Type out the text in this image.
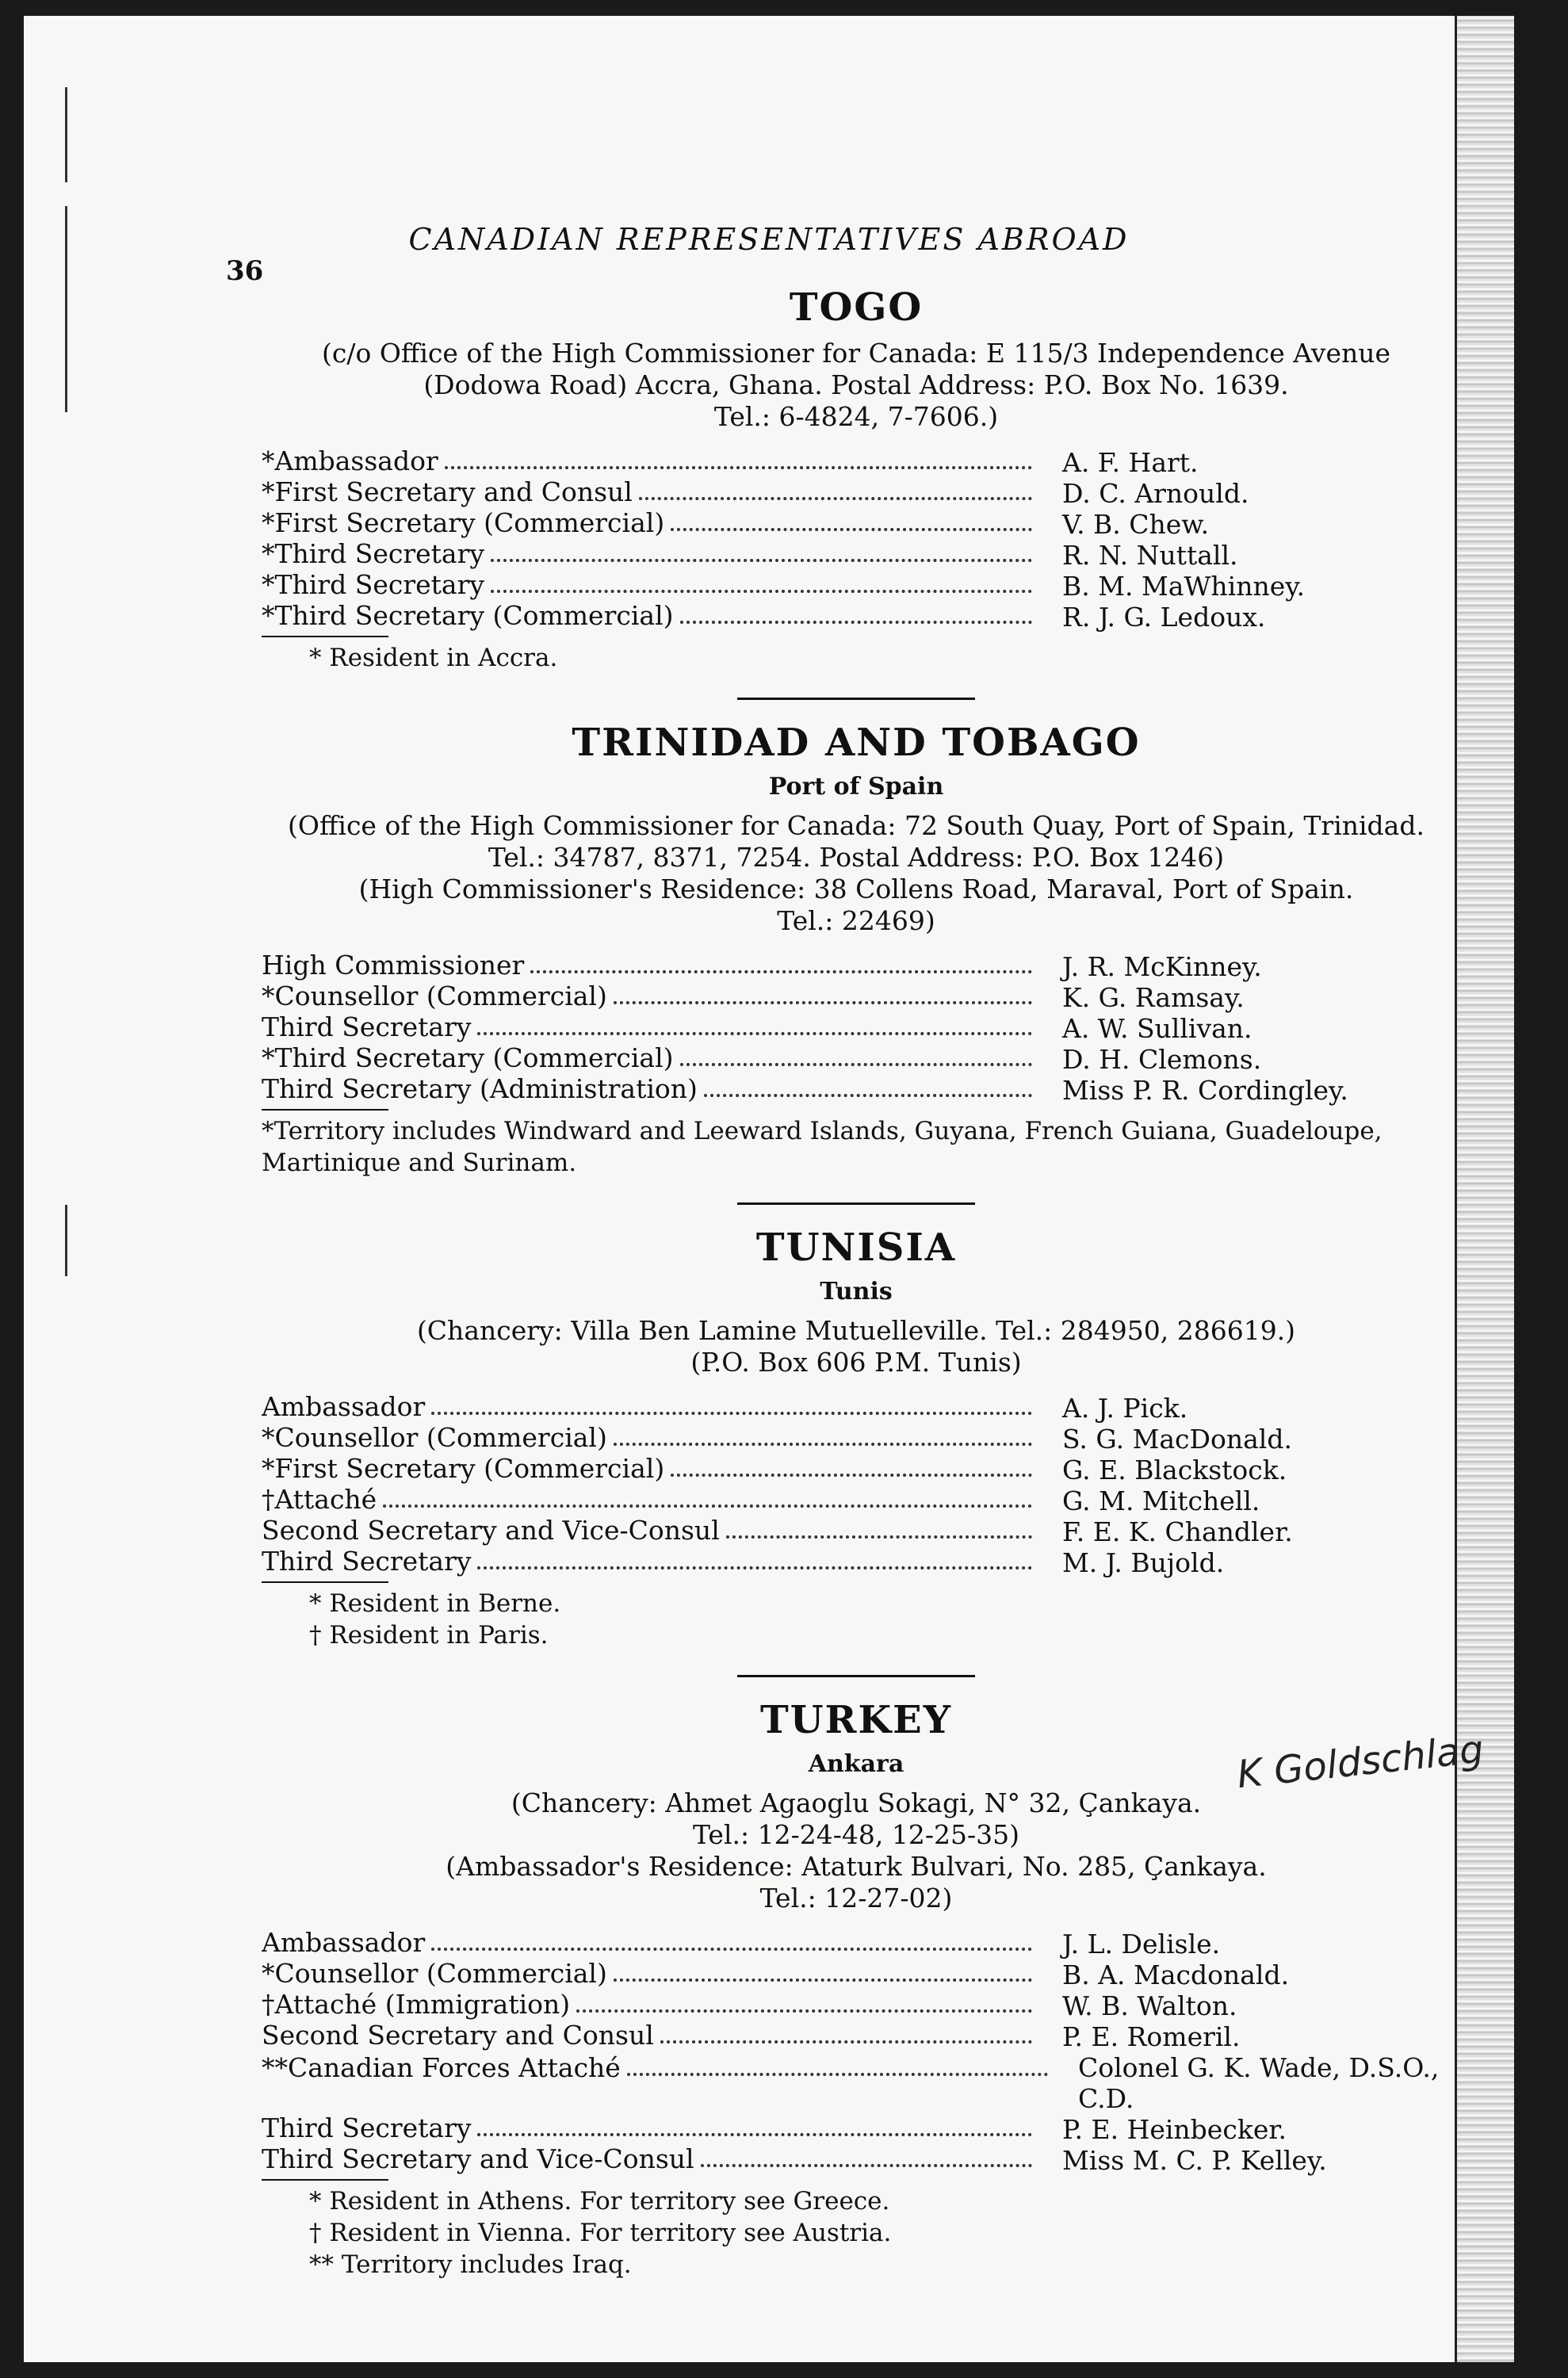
36
CANADIAN REPRESENTATIVES ABROAD
TOGO

(c/o Office of the High Commissioner for Canada: E 115/3 Independence Avenue

(Dodowa Road) Accra, Ghana. Postal Address: P.O. Box No. 1639.

Tel.: 6-4824, 7-7606.)

*Ambassador	A. F. Hart.
*First Secretary and Consul	D. C. Arnould.
*First Secretary (Commercial)	V. B. Chew.
*Third Secretary	R. N. Nuttall.
*Third Secretary	B. M. MaWhinney.
*Third Secretary (Commercial)	R. J. G. Ledoux.

* Resident in Accra.

TRINIDAD AND TOBAGO
Port of Spain

(Office of the High Commissioner for Canada: 72 South Quay, Port of Spain, Trinidad.

Tel.: 34787, 8371, 7254. Postal Address: P.O. Box 1246)

(High Commissioner's Residence: 38 Collens Road, Maraval, Port of Spain.

Tel.: 22469)

High Commissioner	J. R. McKinney.
*Counsellor (Commercial)	K. G. Ramsay.
Third Secretary	A. W. Sullivan.
*Third Secretary (Commercial)	D. H. Clemons.
Third Secretary (Administration)	Miss P. R. Cordingley.

*Territory includes Windward and Leeward Islands, Guyana, French Guiana, Guadeloupe, Martinique and Surinam.

TUNISIA
Tunis

(Chancery: Villa Ben Lamine Mutuelleville. Tel.: 284950, 286619.)

(P.O. Box 606 P.M. Tunis)

Ambassador	A. J. Pick.
*Counsellor (Commercial)	S. G. MacDonald.
*First Secretary (Commercial)	G. E. Blackstock.
†Attaché	G. M. Mitchell.
Second Secretary and Vice-Consul	F. E. K. Chandler.
Third Secretary	M. J. Bujold.

* Resident in Berne.

† Resident in Paris.

TURKEY
Ankara

(Chancery: Ahmet Agaoglu Sokagi, N° 32, Çankaya.

Tel.: 12-24-48, 12-25-35)

(Ambassador's Residence: Ataturk Bulvari, No. 285, Çankaya.

Tel.: 12-27-02)

Ambassador	J. L. Delisle.
*Counsellor (Commercial)	B. A. Macdonald.
†Attaché (Immigration)	W. B. Walton.
Second Secretary and Consul	P. E. Romeril.
**Canadian Forces Attaché	Colonel G. K. Wade, D.S.O., C.D.
Third Secretary	P. E. Heinbecker.
Third Secretary and Vice-Consul	Miss M. C. P. Kelley.

* Resident in Athens. For territory see Greece.

† Resident in Vienna. For territory see Austria.

** Territory includes Iraq.

K Goldschlag
